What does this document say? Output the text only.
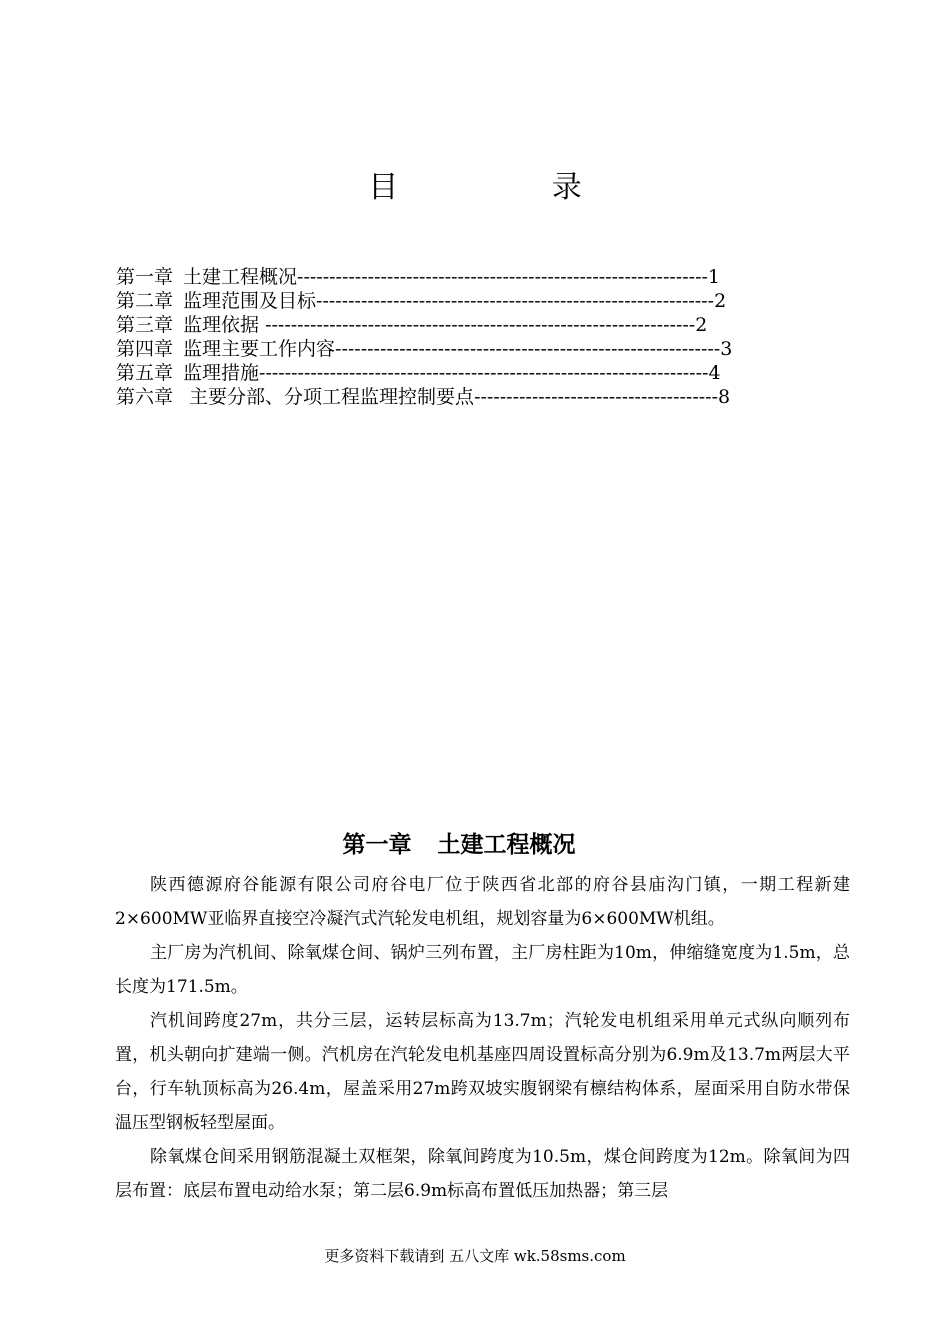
目 录
第一章 土建工程概况----------------------------------------------------------------1
第二章 监理范围及目标--------------------------------------------------------------2
第三章 监理依据 -------------------------------------------------------------------2
第四章 监理主要工作内容------------------------------------------------------------3
第五章 监理措施----------------------------------------------------------------------4
第六章 主要分部、分项工程监理控制要点--------------------------------------8
第一章 土建工程概况

陕西德源府谷能源有限公司府谷电厂位于陕西省北部的府谷县庙沟门镇，一期工程新建2×600MW亚临界直接空冷凝汽式汽轮发电机组，规划容量为6×600MW机组。

主厂房为汽机间、除氧煤仓间、锅炉三列布置，主厂房柱距为10m，伸缩缝宽度为1.5m，总长度为171.5m。

汽机间跨度27m，共分三层，运转层标高为13.7m；汽轮发电机组采用单元式纵向顺列布置，机头朝向扩建端一侧。汽机房在汽轮发电机基座四周设置标高分别为6.9m及13.7m两层大平台，行车轨顶标高为26.4m，屋盖采用27m跨双坡实腹钢梁有檩结构体系，屋面采用自防水带保温压型钢板轻型屋面。

除氧煤仓间采用钢筋混凝土双框架，除氧间跨度为10.5m，煤仓间跨度为12m。除氧间为四层布置：底层布置电动给水泵；第二层6.9m标高布置低压加热器；第三层

更多资料下载请到 五八文库 wk.58sms.com
